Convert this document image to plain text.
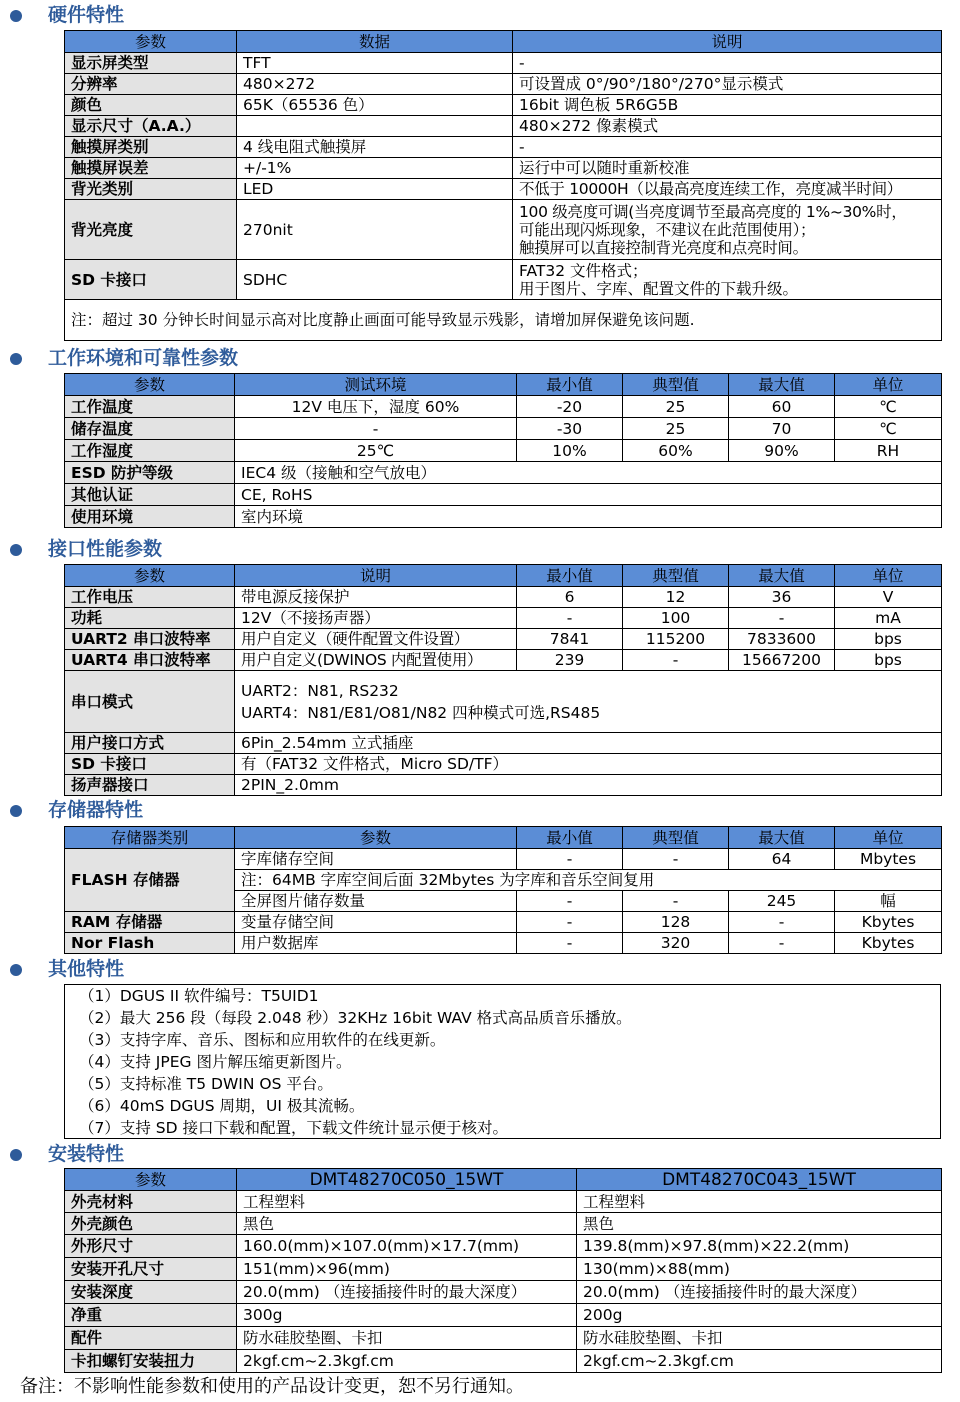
硬件特性
参数	数据	说明
显示屏类型	TFT	-
分辨率	480×272	可设置成 0°/90°/180°/270°显示模式
颜色	65K（65536 色）	16bit 调色板 5R6G5B
显示尺寸（A.A.）		480×272 像素模式
触摸屏类别	4 线电阻式触摸屏	-
触摸屏误差	+/-1%	运行中可以随时重新校准
背光类别	LED	不低于 10000H（以最高亮度连续工作，亮度减半时间）
背光亮度	270nit	100 级亮度可调(当亮度调节至最高亮度的 1%~30%时，
可能出现闪烁现象，不建议在此范围使用）；
触摸屏可以直接控制背光亮度和点亮时间。

SD 卡接口	SDHC	FAT32 文件格式；
用于图片、字库、配置文件的下载升级。

注：超过 30 分钟长时间显示高对比度静止画面可能导致显示残影，请增加屏保避免该问题.		
工作环境和可靠性参数
参数	测试环境	最小值	典型值	最大值	单位
工作温度	12V 电压下，湿度 60%	-20	25	60	℃
储存温度	-	-30	25	70	℃
工作湿度	25℃	10%	60%	90%	RH
ESD 防护等级	IEC4 级（接触和空气放电）				
其他认证	CE, RoHS				
使用环境	室内环境				
接口性能参数
参数	说明	最小值	典型值	最大值	单位
工作电压	带电源反接保护	6	12	36	V
功耗	12V（不接扬声器）	-	100	-	mA
UART2 串口波特率	用户自定义（硬件配置文件设置）	7841	115200	7833600	bps
UART4 串口波特率	用户自定义(DWINOS 内配置使用）	239	-	15667200	bps
串口模式	UART2：N81, RS232
UART4：N81/E81/O81/N82 四种模式可选,RS485				

用户接口方式	6Pin_2.54mm 立式插座				
SD 卡接口	有（FAT32 文件格式，Micro SD/TF）				
扬声器接口	2PIN_2.0mm				
存储器特性
存储器类别	参数	最小值	典型值	最大值	单位
FLASH 存储器	字库储存空间	-	-	64	Mbytes
	注：64MB 字库空间后面 32Mbytes 为字库和音乐空间复用				
	全屏图片储存数量	-	-	245	幅
RAM 存储器	变量存储空间	-	128	-	Kbytes
Nor Flash	用户数据库	-	320	-	Kbytes
其他特性
（1）DGUS II 软件编号：T5UID1
（2）最大 256 段（每段 2.048 秒）32KHz 16bit WAV 格式高品质音乐播放。
（3）支持字库、音乐、图标和应用软件的在线更新。
（4）支持 JPEG 图片解压缩更新图片。
（5）支持标准 T5 DWIN OS 平台。
（6）40mS DGUS 周期，UI 极其流畅。
（7）支持 SD 接口下载和配置，下载文件统计显示便于核对。
安装特性
参数	DMT48270C050_15WT	DMT48270C043_15WT
外壳材料	工程塑料	工程塑料
外壳颜色	黑色	黑色
外形尺寸	160.0(mm)×107.0(mm)×17.7(mm)	139.8(mm)×97.8(mm)×22.2(mm)
安装开孔尺寸	151(mm)×96(mm)	130(mm)×88(mm)
安装深度	20.0(mm) （连接插接件时的最大深度）	20.0(mm) （连接插接件时的最大深度）
净重	300g	200g
配件	防水硅胶垫圈、卡扣	防水硅胶垫圈、卡扣
卡扣螺钉安装扭力	2kgf.cm~2.3kgf.cm	2kgf.cm~2.3kgf.cm
备注：不影响性能参数和使用的产品设计变更，恕不另行通知。
